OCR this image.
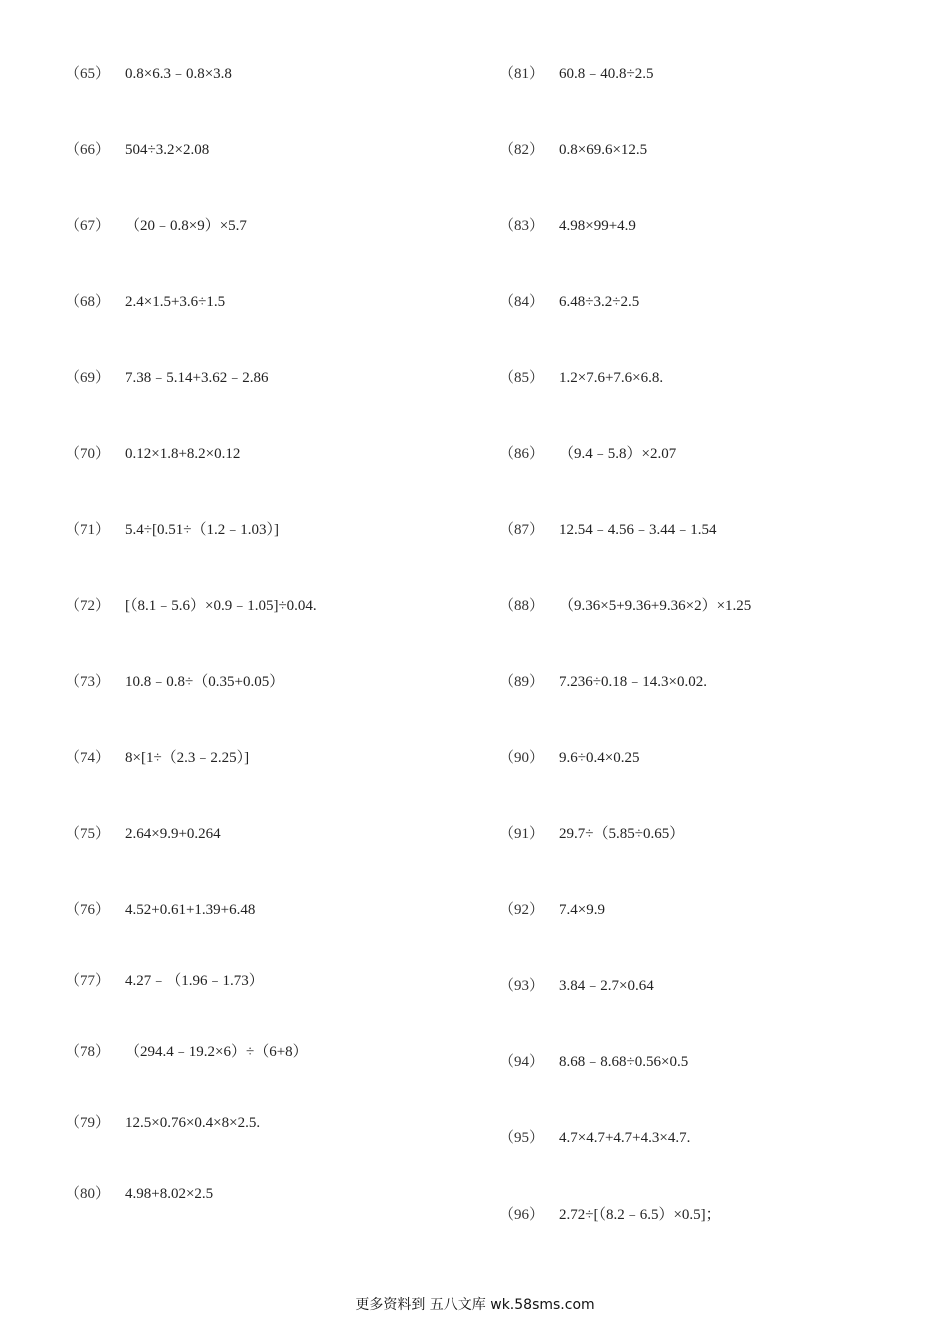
（65） 0.8×6.3﹣0.8×3.8
（66） 504÷3.2×2.08
（67） （20﹣0.8×9）×5.7
（68） 2.4×1.5+3.6÷1.5
（69） 7.38﹣5.14+3.62﹣2.86
（70） 0.12×1.8+8.2×0.12
（71） 5.4÷[0.51÷（1.2﹣1.03）]
（72） [（8.1﹣5.6）×0.9﹣1.05]÷0.04.
（73） 10.8﹣0.8÷（0.35+0.05）
（74） 8×[1÷（2.3﹣2.25）]
（75） 2.64×9.9+0.264
（76） 4.52+0.61+1.39+6.48
（77） 4.27﹣（1.96﹣1.73）
（78） （294.4﹣19.2×6）÷（6+8）
（79） 12.5×0.76×0.4×8×2.5.
（80） 4.98+8.02×2.5
（81） 60.8﹣40.8÷2.5
（82） 0.8×69.6×12.5
（83） 4.98×99+4.9
（84） 6.48÷3.2÷2.5
（85） 1.2×7.6+7.6×6.8.
（86） （9.4﹣5.8）×2.07
（87） 12.54﹣4.56﹣3.44﹣1.54
（88） （9.36×5+9.36+9.36×2）×1.25
（89） 7.236÷0.18﹣14.3×0.02.
（90） 9.6÷0.4×0.25
（91） 29.7÷（5.85÷0.65）
（92） 7.4×9.9
（93） 3.84﹣2.7×0.64
（94） 8.68﹣8.68÷0.56×0.5
（95） 4.7×4.7+4.7+4.3×4.7.
（96） 2.72÷[（8.2﹣6.5）×0.5]；
更多资料到 五八文库 wk.58sms.com
